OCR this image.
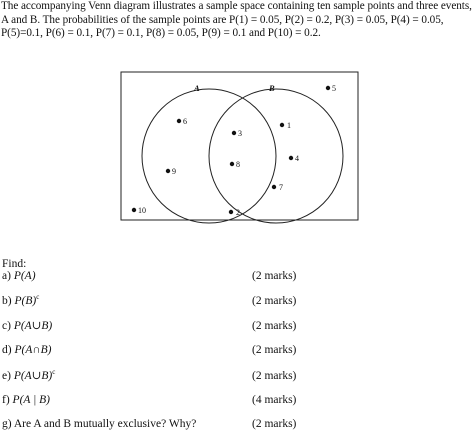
The accompanying Venn diagram illustrates a sample space containing ten sample points and three events, A and B. The probabilities of the sample points are P(1) = 0.05, P(2) = 0.2, P(3) = 0.05, P(4) = 0.05, P(5)=0.1, P(6) = 0.1, P(7) = 0.1, P(8) = 0.05, P(9) = 0.1 and P(10) = 0.2.
A	B	5
6
3
1
8
4
9
7
10	2
Find:
a) P(A)	(2 marks)
b) $P(B)^c$	(2 marks)
c) P(A∪B)	(2 marks)
d) P(A∩B)	(2 marks)
e) P(A∪B)$^c$	(2 marks)
f) P(A | B)	(4 marks)
g) Are A and B mutually exclusive? Why?	(2 marks)
